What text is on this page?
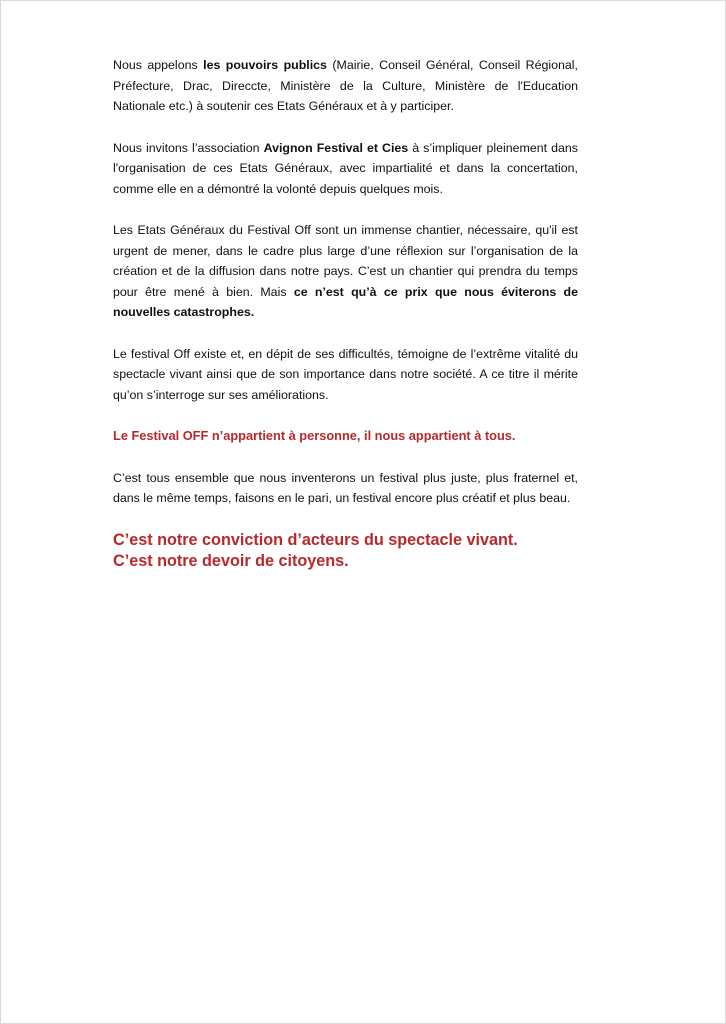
Nous appelons les pouvoirs publics (Mairie, Conseil Général, Conseil Régional, Préfecture, Drac, Direccte, Ministère de la Culture, Ministère de l'Education Nationale etc.) à soutenir ces Etats Généraux et à y participer.

Nous invitons l’association Avignon Festival et Cies à s’impliquer pleinement dans l'organisation de ces Etats Généraux, avec impartialité et dans la concertation, comme elle en a démontré la volonté depuis quelques mois.

Les Etats Généraux du Festival Off sont un immense chantier, nécessaire, qu'il est urgent de mener, dans le cadre plus large d’une réflexion sur l’organisation de la création et de la diffusion dans notre pays. C’est un chantier qui prendra du temps pour être mené à bien. Mais ce n’est qu’à ce prix que nous éviterons de nouvelles catastrophes.

Le festival Off existe et, en dépit de ses difficultés, témoigne de l’extrême vitalité du spectacle vivant ainsi que de son importance dans notre société. A ce titre il mérite qu’on s’interroge sur ses améliorations.

Le Festival OFF n’appartient à personne, il nous appartient à tous.

C’est tous ensemble que nous inventerons un festival plus juste, plus fraternel et, dans le même temps, faisons en le pari, un festival encore plus créatif et plus beau.

C’est notre conviction d’acteurs du spectacle vivant.
C’est notre devoir de citoyens.
